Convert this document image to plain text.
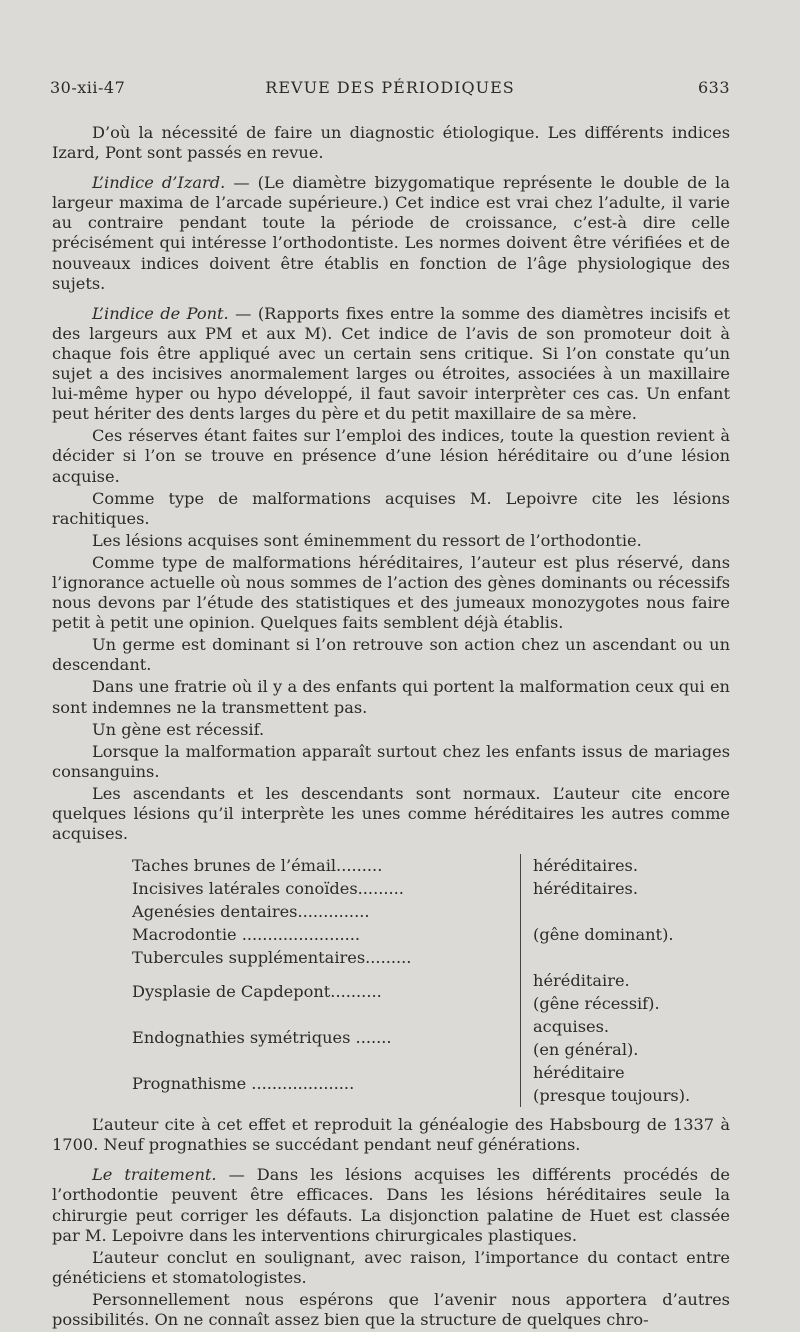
30-xii-47	REVUE DES PÉRIODIQUES	633

D’où la nécessité de faire un diagnostic étiologique. Les différents indices Izard, Pont sont passés en revue.

L’indice d’Izard. — (Le diamètre bizygomatique représente le double de la largeur maxima de l’arcade supérieure.) Cet indice est vrai chez l’adulte, il varie au contraire pendant toute la période de croissance, c’est-à dire celle précisément qui intéresse l’orthodontiste. Les normes doivent être vérifiées et de nouveaux indices doivent être établis en fonction de l’âge physiologique des sujets.

L’indice de Pont. — (Rapports fixes entre la somme des diamètres incisifs et des largeurs aux PM et aux M). Cet indice de l’avis de son promoteur doit à chaque fois être appliqué avec un certain sens critique. Si l’on constate qu’un sujet a des incisives anormalement larges ou étroites, associées à un maxillaire lui-même hyper ou hypo développé, il faut savoir interprèter ces cas. Un enfant peut hériter des dents larges du père et du petit maxillaire de sa mère.

Ces réserves étant faites sur l’emploi des indices, toute la question revient à décider si l’on se trouve en présence d’une lésion héréditaire ou d’une lésion acquise.

Comme type de malformations acquises M. Lepoivre cite les lésions rachitiques.

Les lésions acquises sont éminemment du ressort de l’orthodontie.

Comme type de malformations héréditaires, l’auteur est plus réservé, dans l’ignorance actuelle où nous sommes de l’action des gènes dominants ou récessifs nous devons par l’étude des statistiques et des jumeaux monozygotes nous faire petit à petit une opinion. Quelques faits semblent déjà établis.

Un germe est dominant si l’on retrouve son action chez un ascendant ou un descendant.

Dans une fratrie où il y a des enfants qui portent la malformation ceux qui en sont indemnes ne la transmettent pas.

Un gène est récessif.

Lorsque la malformation apparaît surtout chez les enfants issus de mariages consanguins.

Les ascendants et les descendants sont normaux. L’auteur cite encore quelques lésions qu’il interprète les unes comme héréditaires les autres comme acquises.

Taches brunes de l’émail.........
Incisives latérales conoïdes.........
Agenésies dentaires..............
Macrodontie .......................
Tubercules supplémentaires.........
Dysplasie de Capdepont..........
Endognathies symétriques .......
Prognathisme ....................
héréditaires.
héréditaires.
(gêne dominant).
héréditaire.
(gêne récessif).
acquises.
(en général).
héréditaire
(presque toujours).

L’auteur cite à cet effet et reproduit la généalogie des Habsbourg de 1337 à 1700. Neuf prognathies se succédant pendant neuf générations.

Le traitement. — Dans les lésions acquises les différents procédés de l’orthodontie peuvent être efficaces. Dans les lésions héréditaires seule la chirurgie peut corriger les défauts. La disjonction palatine de Huet est classée par M. Lepoivre dans les interventions chirurgicales plastiques.

L’auteur conclut en soulignant, avec raison, l’importance du contact entre généticiens et stomatologistes.

Personnellement nous espérons que l’avenir nous apportera d’autres possibilités. On ne connaît assez bien que la structure de quelques chro-
